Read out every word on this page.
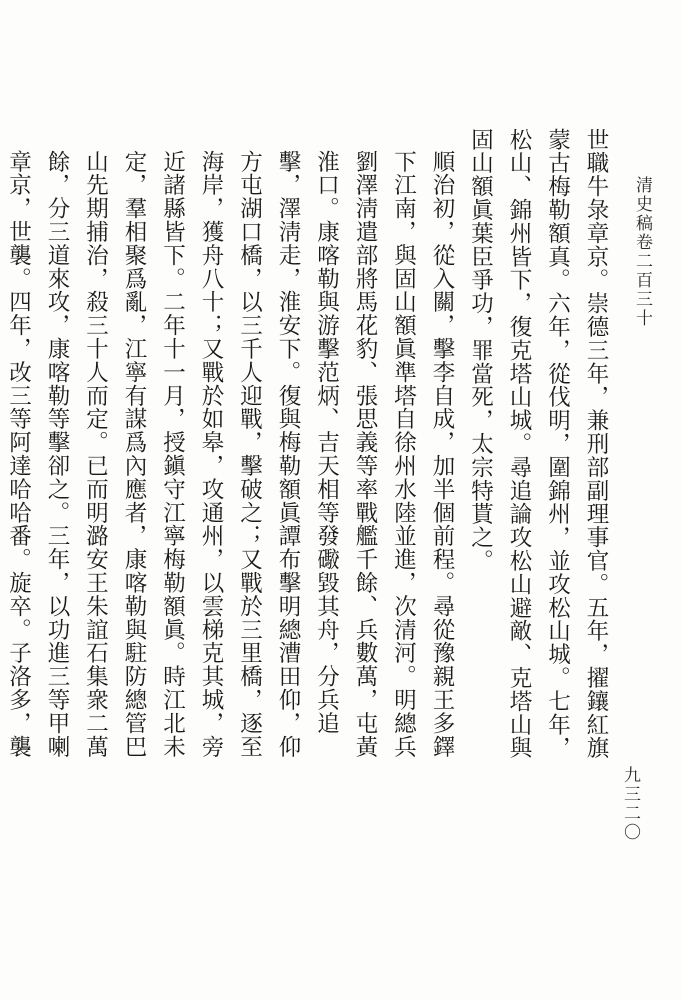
清史稿卷二百三十
九三二〇

世職牛彔章京。崇德三年，兼刑部副理事官。五年，擢鑲紅旗蒙古梅勒額真。六年，從伐明，圍錦州，並攻松山城。七年，松山、錦州皆下，復克塔山城。尋追論攻松山避敵、克塔山與固山額眞葉臣爭功，罪當死，太宗特貰之。

順治初，從入關，擊李自成，加半個前程。尋從豫親王多鐸下江南，與固山額眞準塔自徐州水陸並進，次清河。明總兵劉澤淸遣部將馬花豹、張思義等率戰艦千餘、兵數萬，屯黃淮口。康喀勒與游擊范炳、吉天相等發礮毀其舟，分兵追擊，澤淸走，淮安下。復與梅勒額眞譚布擊明總漕田仰，仰方屯湖口橋，以三千人迎戰，擊破之；又戰於三里橋，逐至海岸，獲舟八十；又戰於如皋，攻通州，以雲梯克其城，旁近諸縣皆下。二年十一月，授鎭守江寧梅勒額眞。時江北未定，羣相聚爲亂，江寧有謀爲內應者，康喀勒與駐防總管巴山先期捕治，殺三十人而定。已而明潞安王朱誼石集衆二萬餘，分三道來攻，康喀勒等擊卻之。三年，以功進三等甲喇章京，世襲。四年，改三等阿達哈哈番。旋卒。子洛多，襲
